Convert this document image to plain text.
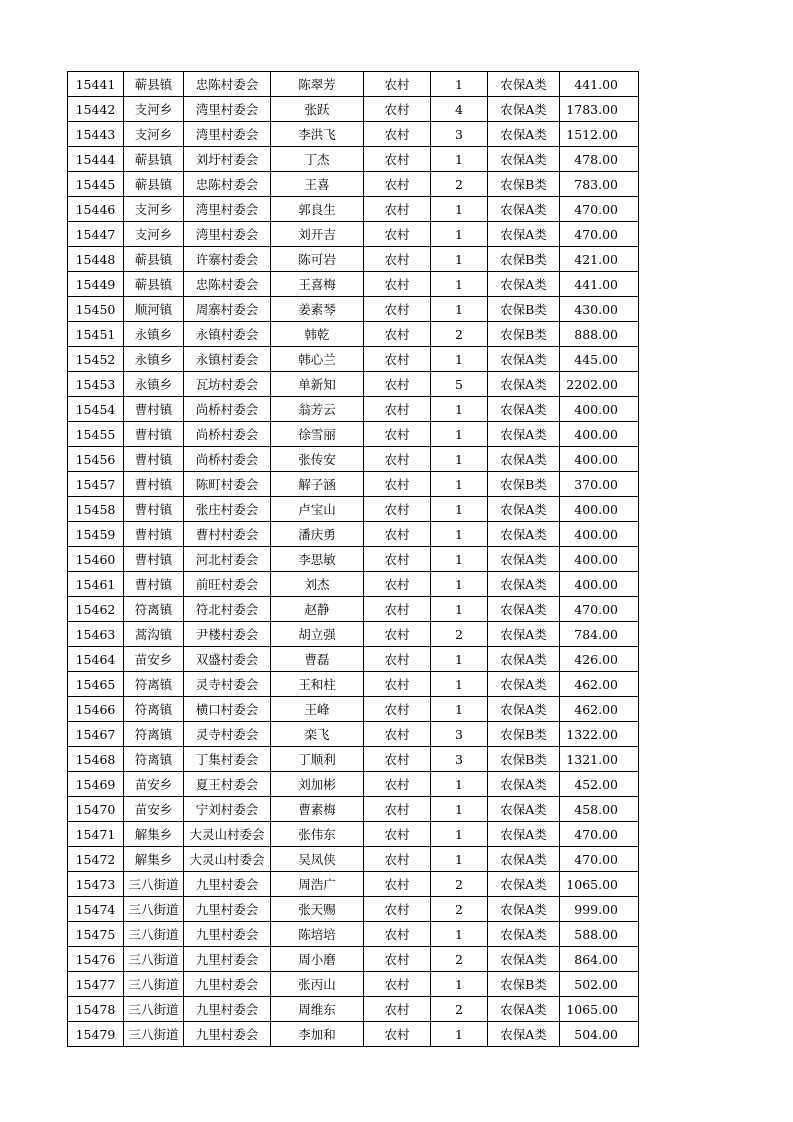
15441	蕲县镇	忠陈村委会	陈翠芳	农村	1	农保A类	441.00
15442	支河乡	湾里村委会	张跃	农村	4	农保A类	1783.00
15443	支河乡	湾里村委会	李洪飞	农村	3	农保A类	1512.00
15444	蕲县镇	刘圩村委会	丁杰	农村	1	农保A类	478.00
15445	蕲县镇	忠陈村委会	王喜	农村	2	农保B类	783.00
15446	支河乡	湾里村委会	郭良生	农村	1	农保A类	470.00
15447	支河乡	湾里村委会	刘开吉	农村	1	农保A类	470.00
15448	蕲县镇	许寨村委会	陈可岩	农村	1	农保B类	421.00
15449	蕲县镇	忠陈村委会	王喜梅	农村	1	农保A类	441.00
15450	顺河镇	周寨村委会	姜素琴	农村	1	农保B类	430.00
15451	永镇乡	永镇村委会	韩乾	农村	2	农保B类	888.00
15452	永镇乡	永镇村委会	韩心兰	农村	1	农保A类	445.00
15453	永镇乡	瓦坊村委会	单新知	农村	5	农保A类	2202.00
15454	曹村镇	尚桥村委会	翁芳云	农村	1	农保A类	400.00
15455	曹村镇	尚桥村委会	徐雪丽	农村	1	农保A类	400.00
15456	曹村镇	尚桥村委会	张传安	农村	1	农保A类	400.00
15457	曹村镇	陈町村委会	解子涵	农村	1	农保B类	370.00
15458	曹村镇	张庄村委会	卢宝山	农村	1	农保A类	400.00
15459	曹村镇	曹村村委会	潘庆勇	农村	1	农保A类	400.00
15460	曹村镇	河北村委会	李思敏	农村	1	农保A类	400.00
15461	曹村镇	前旺村委会	刘杰	农村	1	农保A类	400.00
15462	符离镇	符北村委会	赵静	农村	1	农保A类	470.00
15463	蒿沟镇	尹楼村委会	胡立强	农村	2	农保A类	784.00
15464	苗安乡	双盛村委会	曹磊	农村	1	农保A类	426.00
15465	符离镇	灵寺村委会	王和柱	农村	1	农保A类	462.00
15466	符离镇	横口村委会	王峰	农村	1	农保A类	462.00
15467	符离镇	灵寺村委会	栾飞	农村	3	农保B类	1322.00
15468	符离镇	丁集村委会	丁顺利	农村	3	农保B类	1321.00
15469	苗安乡	夏王村委会	刘加彬	农村	1	农保A类	452.00
15470	苗安乡	宁刘村委会	曹素梅	农村	1	农保A类	458.00
15471	解集乡	大灵山村委会	张伟东	农村	1	农保A类	470.00
15472	解集乡	大灵山村委会	吴凤侠	农村	1	农保A类	470.00
15473	三八街道	九里村委会	周浩广	农村	2	农保A类	1065.00
15474	三八街道	九里村委会	张天赐	农村	2	农保A类	999.00
15475	三八街道	九里村委会	陈培培	农村	1	农保A类	588.00
15476	三八街道	九里村委会	周小磨	农村	2	农保A类	864.00
15477	三八街道	九里村委会	张丙山	农村	1	农保B类	502.00
15478	三八街道	九里村委会	周维东	农村	2	农保A类	1065.00
15479	三八街道	九里村委会	李加和	农村	1	农保A类	504.00
